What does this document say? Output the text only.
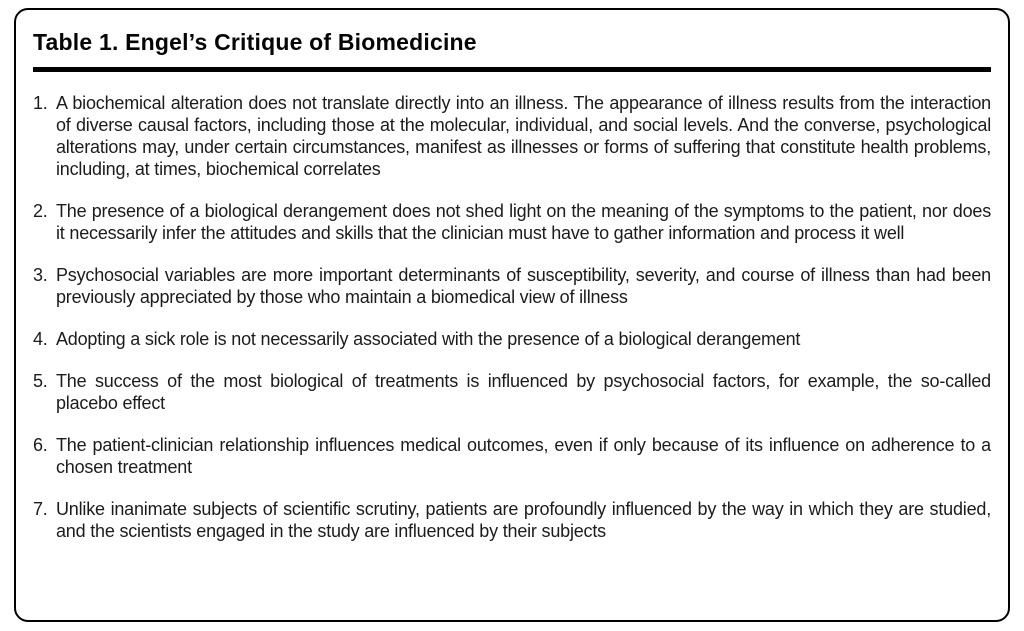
Table 1. Engel’s Critique of Biomedicine
1. A biochemical alteration does not translate directly into an illness. The appearance of illness results from the interaction of diverse causal factors, including those at the molecular, individual, and social levels. And the converse, psychological alterations may, under certain circumstances, manifest as illnesses or forms of suffering that constitute health problems, including, at times, biochemical correlates
2. The presence of a biological derangement does not shed light on the meaning of the symptoms to the patient, nor does it necessarily infer the attitudes and skills that the clinician must have to gather information and process it well
3. Psychosocial variables are more important determinants of susceptibility, severity, and course of illness than had been previously appreciated by those who maintain a biomedical view of illness
4. Adopting a sick role is not necessarily associated with the presence of a biological derangement
5. The success of the most biological of treatments is influenced by psychosocial factors, for example, the so-called placebo effect
6. The patient-clinician relationship influences medical outcomes, even if only because of its influence on adherence to a chosen treatment
7. Unlike inanimate subjects of scientific scrutiny, patients are profoundly influenced by the way in which they are studied, and the scientists engaged in the study are influenced by their subjects
